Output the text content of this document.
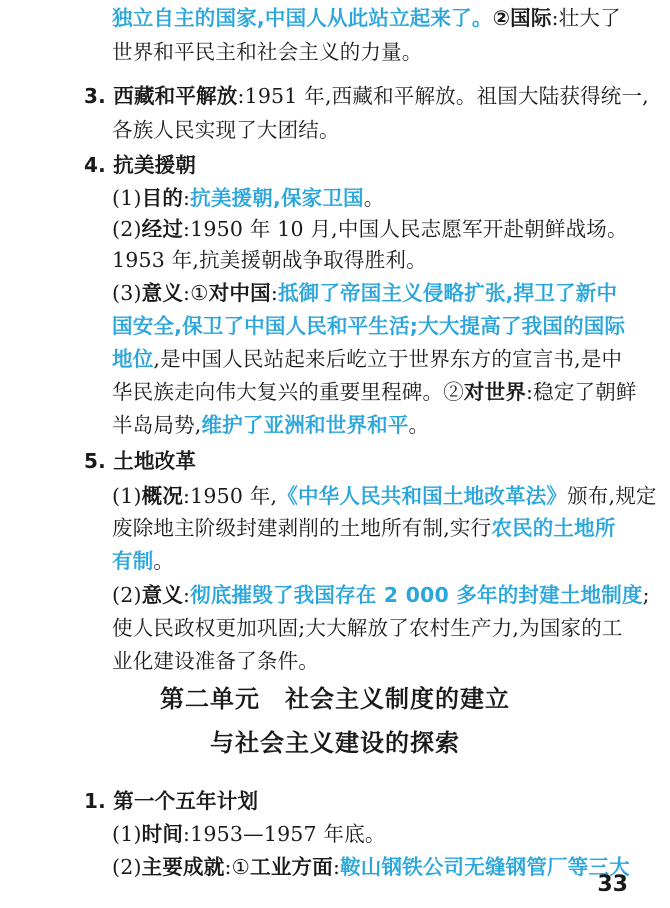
独立自主的国家,中国人从此站立起来了。②国际:壮大了
世界和平民主和社会主义的力量。
3. 西藏和平解放:1951 年,西藏和平解放。祖国大陆获得统一,
各族人民实现了大团结。
4. 抗美援朝
(1)目的:抗美援朝,保家卫国。
(2)经过:1950 年 10 月,中国人民志愿军开赴朝鲜战场。
1953 年,抗美援朝战争取得胜利。
(3)意义:①对中国:抵御了帝国主义侵略扩张,捍卫了新中
国安全,保卫了中国人民和平生活;大大提高了我国的国际
地位,是中国人民站起来后屹立于世界东方的宣言书,是中
华民族走向伟大复兴的重要里程碑。②对世界:稳定了朝鲜
半岛局势,维护了亚洲和世界和平。
5. 土地改革
(1)概况:1950 年,《中华人民共和国土地改革法》颁布,规定
废除地主阶级封建剥削的土地所有制,实行农民的土地所
有制。
(2)意义:彻底摧毁了我国存在 2 000 多年的封建土地制度;
使人民政权更加巩固;大大解放了农村生产力,为国家的工
业化建设准备了条件。
第二单元　社会主义制度的建立
与社会主义建设的探索
1. 第一个五年计划
(1)时间:1953—1957 年底。
(2)主要成就:①工业方面:鞍山钢铁公司无缝钢管厂等三大
33
